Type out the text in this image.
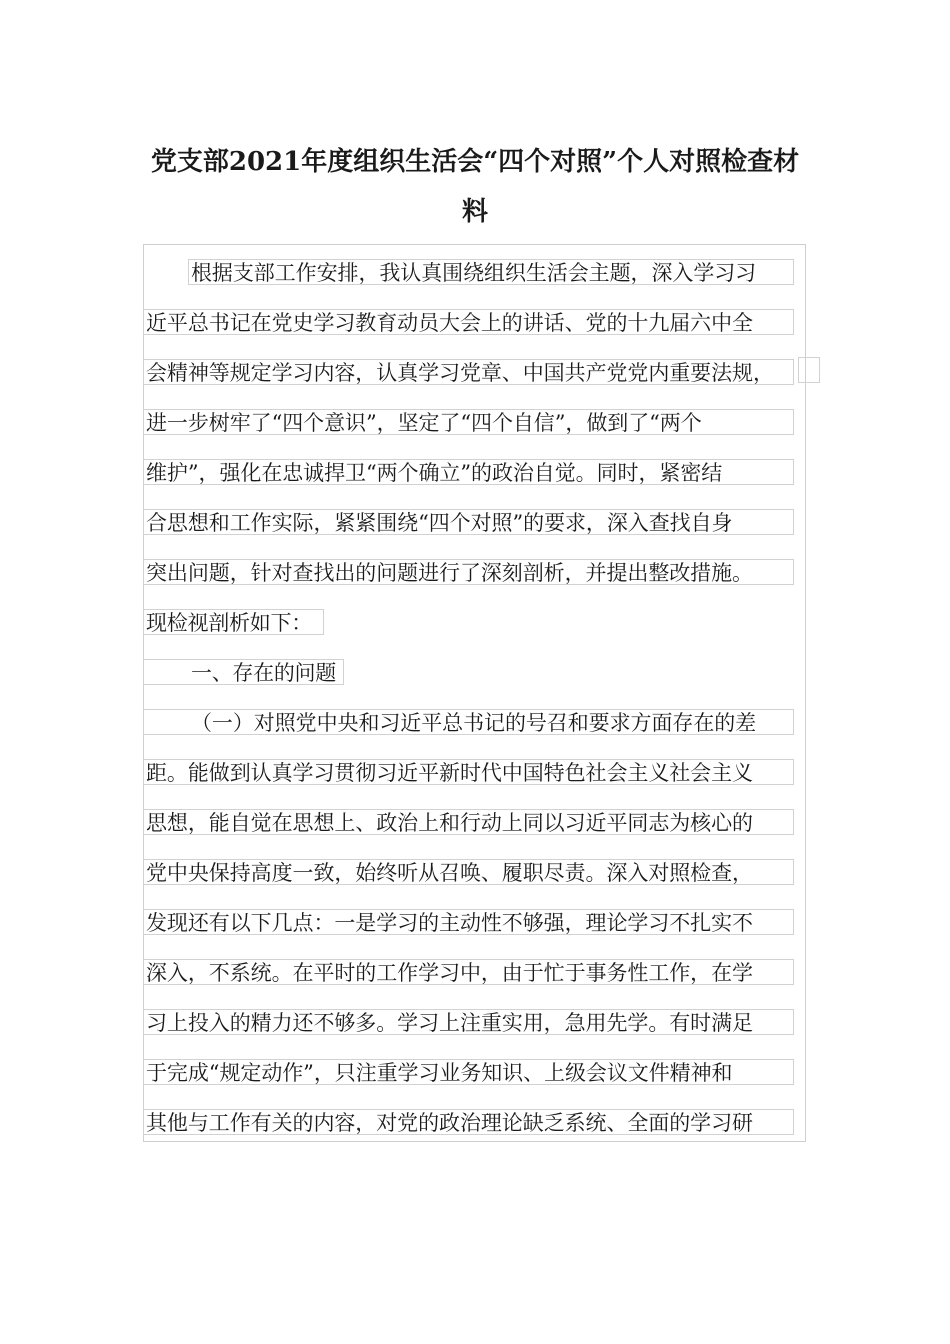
党支部2021年度组织生活会“四个对照”个人对照检查材
料
根据支部工作安排，我认真围绕组织生活会主题，深入学习习
近平总书记在党史学习教育动员大会上的讲话、党的十九届六中全
会精神等规定学习内容，认真学习党章、中国共产党党内重要法规，
进一步树牢了“四个意识”，坚定了“四个自信”，做到了“两个
维护”，强化在忠诚捍卫“两个确立”的政治自觉。同时，紧密结
合思想和工作实际，紧紧围绕“四个对照”的要求，深入查找自身
突出问题，针对查找出的问题进行了深刻剖析，并提出整改措施。
现检视剖析如下：
一、存在的问题
（一）对照党中央和习近平总书记的号召和要求方面存在的差
距。能做到认真学习贯彻习近平新时代中国特色社会主义社会主义
思想，能自觉在思想上、政治上和行动上同以习近平同志为核心的
党中央保持高度一致，始终听从召唤、履职尽责。深入对照检查，
发现还有以下几点：一是学习的主动性不够强，理论学习不扎实不
深入，不系统。在平时的工作学习中，由于忙于事务性工作，在学
习上投入的精力还不够多。学习上注重实用，急用先学。有时满足
于完成“规定动作”，只注重学习业务知识、上级会议文件精神和
其他与工作有关的内容，对党的政治理论缺乏系统、全面的学习研
